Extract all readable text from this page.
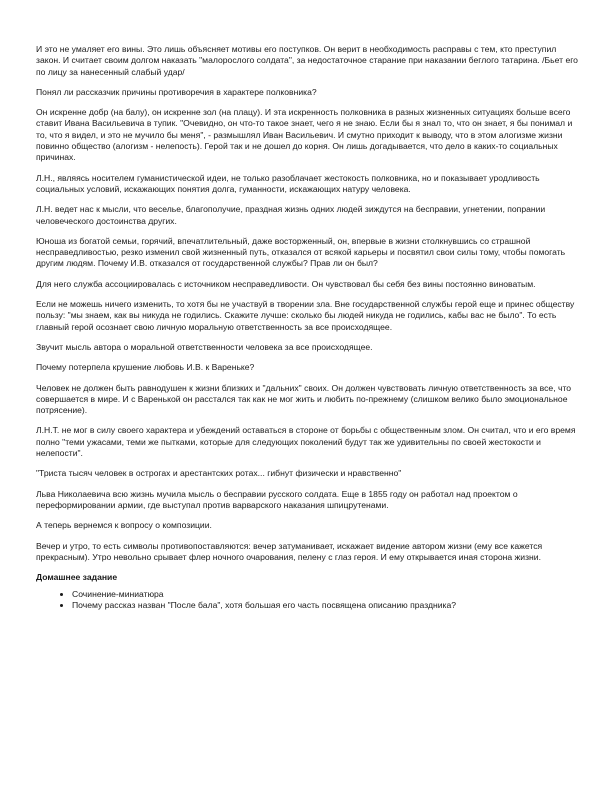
И это не умаляет его вины. Это лишь объясняет мотивы его поступков. Он верит в необходимость расправы с тем, кто преступил закон. И считает своим долгом наказать "малорослого солдата", за недостаточное старание при наказании беглого татарина. /Бьет его по лицу за нанесенный слабый удар/

Понял ли рассказчик причины противоречия в характере полковника?

Он искренне добр (на балу), он искренне зол (на плацу). И эта искренность полковника в разных жизненных ситуациях больше всего ставит Ивана Васильевича в тупик. "Очевидно, он что-то такое знает, чего я не знаю. Если бы я знал то, что он знает, я бы понимал и то, что я видел, и это не мучило бы меня", - размышлял Иван Васильевич. И смутно приходит к выводу, что в этом алогизме жизни повинно общество (алогизм - нелепость). Герой так и не дошел до корня. Он лишь догадывается, что дело в каких-то социальных причинах.

Л.Н., являясь носителем гуманистической идеи, не только разоблачает жестокость полковника, но и показывает уродливость социальных условий, искажающих понятия долга, гуманности, искажающих натуру человека.

Л.Н. ведет нас к мысли, что веселье, благополучие, праздная жизнь одних людей зиждутся на бесправии, угнетении, попрании человеческого достоинства других.

Юноша из богатой семьи, горячий, впечатлительный, даже восторженный, он, впервые в жизни столкнувшись со страшной несправедливостью, резко изменил свой жизненный путь, отказался от всякой карьеры и посвятил свои силы тому, чтобы помогать другим людям. Почему И.В. отказался от государственной службы? Прав ли он был?

Для него служба ассоциировалась с источником несправедливости. Он чувствовал бы себя без вины постоянно виноватым.

Если не можешь ничего изменить, то хотя бы не участвуй в творении зла. Вне государственной службы герой еще и принес обществу пользу: "мы знаем, как вы никуда не годились. Скажите лучше: сколько бы людей никуда не годились, кабы вас не было". То есть главный герой осознает свою личную моральную ответственность за все происходящее.

Звучит мысль автора о моральной ответственности человека за все происходящее.

Почему потерпела крушение любовь И.В. к Вареньке?

Человек не должен быть равнодушен к жизни близких и "дальних" своих. Он должен чувствовать личную ответственность за все, что совершается в мире. И с Варенькой он расстался так как не мог жить и любить по-прежнему (слишком велико было эмоциональное потрясение).

Л.Н.Т. не мог в силу своего характера и убеждений оставаться в стороне от борьбы с общественным злом. Он считал, что и его время полно "теми ужасами, теми же пытками, которые для следующих поколений будут так же удивительны по своей жестокости и нелепости".

"Триста тысяч человек в острогах и арестантских ротах... гибнут физически и нравственно"

Льва Николаевича всю жизнь мучила мысль о бесправии русского солдата. Еще в 1855 году он работал над проектом о переформировании армии, где выступал против варварского наказания шпицрутенами.

А теперь вернемся к вопросу о композиции.

Вечер и утро, то есть символы противопоставляются: вечер затуманивает, искажает видение автором жизни (ему все кажется прекрасным). Утро невольно срывает флер ночного очарования, пелену с глаз героя. И ему открывается иная сторона жизни.

Домашнее задание
• Сочинение-миниатюра
• Почему рассказ назван "После бала", хотя большая его часть посвящена описанию праздника?
